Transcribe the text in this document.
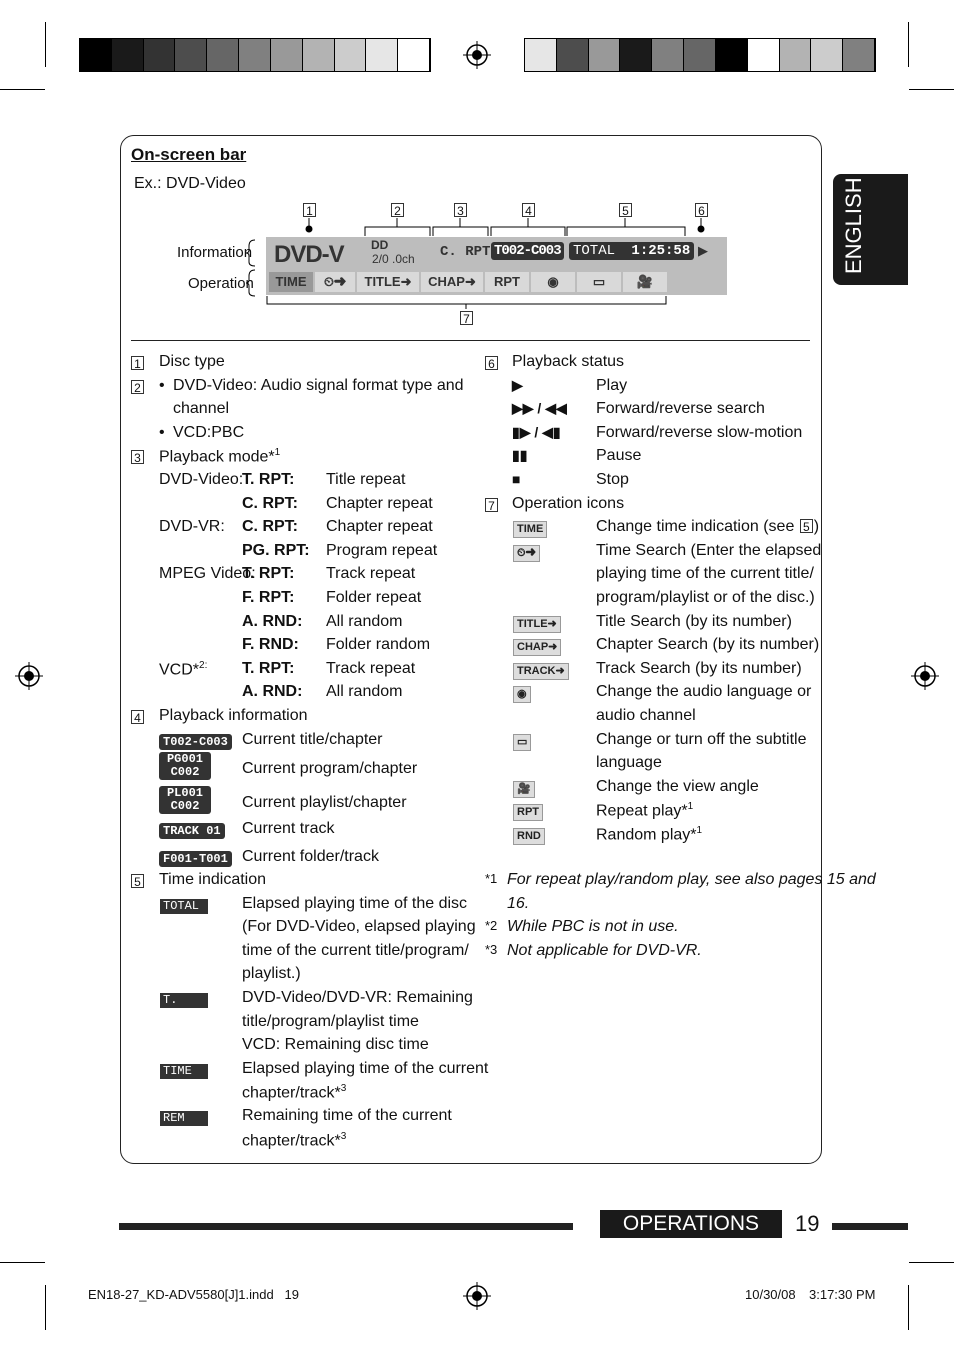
ENGLISH
On-screen bar
Ex.: DVD-Video
1	2	3	4	5	6
7
Information
Operation
DVD-V DD
2/0 .0ch C. RPT T002-C003 TOTAL 1:25:58 ▶
TIME	⏲➜	TITLE➜	CHAP➜	RPT	◉	▭	🎥
1 Disc type
2 • DVD-Video: Audio signal format type and
channel
• VCD:PBC
3 Playback mode*$^1$
DVD-Video:
T. RPT: Title repeat
C. RPT: Chapter repeat
DVD-VR: C. RPT: Chapter repeat
PG. RPT: Program repeat
MPEG Video:
T. RPT: Track repeat
F. RPT: Folder repeat
A. RND: All random
F. RND: Folder random
VCD*$^{2:}$ T. RPT: Track repeat
A. RND: All random
4 Playback information
T002-C003 Current title/chapter
PG001
C002	Current program/chapter
PL001
C002	Current playlist/chapter
TRACK 01 Current track
F001-T001 Current folder/track
5 Time indication
TOTAL	Elapsed playing time of the disc
(For DVD-Video, elapsed playing
time of the current title/program/
playlist.)
T. REM
DVD-Video/DVD-VR: Remaining
title/program/playlist time
VCD: Remaining disc time
TIME	Elapsed playing time of the current
chapter/track*$^3$
REM	Remaining time of the current
chapter/track*$^3$
6 Playback status
▶	Play
▶▶ / ◀◀ Forward/reverse search
▮▶ / ◀▮ Forward/reverse slow-motion
▮▮	Pause
■	Stop
7 Operation icons
TIME	Change time indication (see 5 )
⏲➜	Time Search (Enter the elapsed
playing time of the current title/
program/playlist or of the disc.)
TITLE➜ Title Search (by its number)
CHAP➜ Chapter Search (by its number)
TRACK➜ Track Search (by its number)
◉	Change the audio language or
audio channel
▭	Change or turn off the subtitle
language
🎥	Change the view angle
RPT	Repeat play*$^1$
RND	Random play*$^1$
*1 For repeat play/random play, see also pages 15 and
16.
*2 While PBC is not in use.
*3 Not applicable for DVD-VR.
OPERATIONS	19
EN18-27_KD-ADV5580[J]1.indd   19	10/30/08 3:17:30 PM
